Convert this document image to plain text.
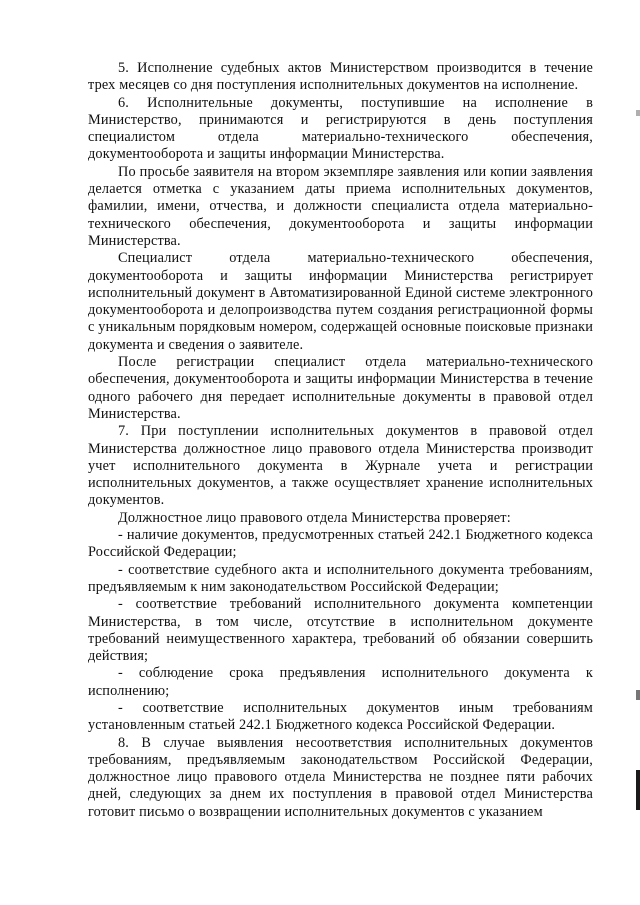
5. Исполнение судебных актов Министерством производится в течение трех месяцев со дня поступления исполнительных документов на исполнение.

6. Исполнительные документы, поступившие на исполнение в Министерство, принимаются и регистрируются в день поступления специалистом отдела материально-технического обеспечения, документооборота и защиты информации Министерства.

По просьбе заявителя на втором экземпляре заявления или копии заявления делается отметка с указанием даты приема исполнительных документов, фамилии, имени, отчества, и должности специалиста отдела материально-технического обеспечения, документооборота и защиты информации Министерства.

Специалист отдела материально-технического обеспечения, документооборота и защиты информации Министерства регистрирует исполнительный документ в Автоматизированной Единой системе электронного документооборота и делопроизводства путем создания регистрационной формы с уникальным порядковым номером, содержащей основные поисковые признаки документа и сведения о заявителе.

После регистрации специалист отдела материально-технического обеспечения, документооборота и защиты информации Министерства в течение одного рабочего дня передает исполнительные документы в правовой отдел Министерства.

7. При поступлении исполнительных документов в правовой отдел Министерства должностное лицо правового отдела Министерства производит учет исполнительного документа в Журнале учета и регистрации исполнительных документов, а также осуществляет хранение исполнительных документов.

Должностное лицо правового отдела Министерства проверяет:

- наличие документов, предусмотренных статьей 242.1 Бюджетного кодекса Российской Федерации;

- соответствие судебного акта и исполнительного документа требованиям, предъявляемым к ним законодательством Российской Федерации;

- соответствие требований исполнительного документа компетенции Министерства, в том числе, отсутствие в исполнительном документе требований неимущественного характера, требований об обязании совершить действия;

- соблюдение срока предъявления исполнительного документа к исполнению;

- соответствие исполнительных документов иным требованиям установленным статьей 242.1 Бюджетного кодекса Российской Федерации.

8. В случае выявления несоответствия исполнительных документов требованиям, предъявляемым законодательством Российской Федерации, должностное лицо правового отдела Министерства не позднее пяти рабочих дней, следующих за днем их поступления в правовой отдел Министерства готовит письмо о возвращении исполнительных документов с указанием
